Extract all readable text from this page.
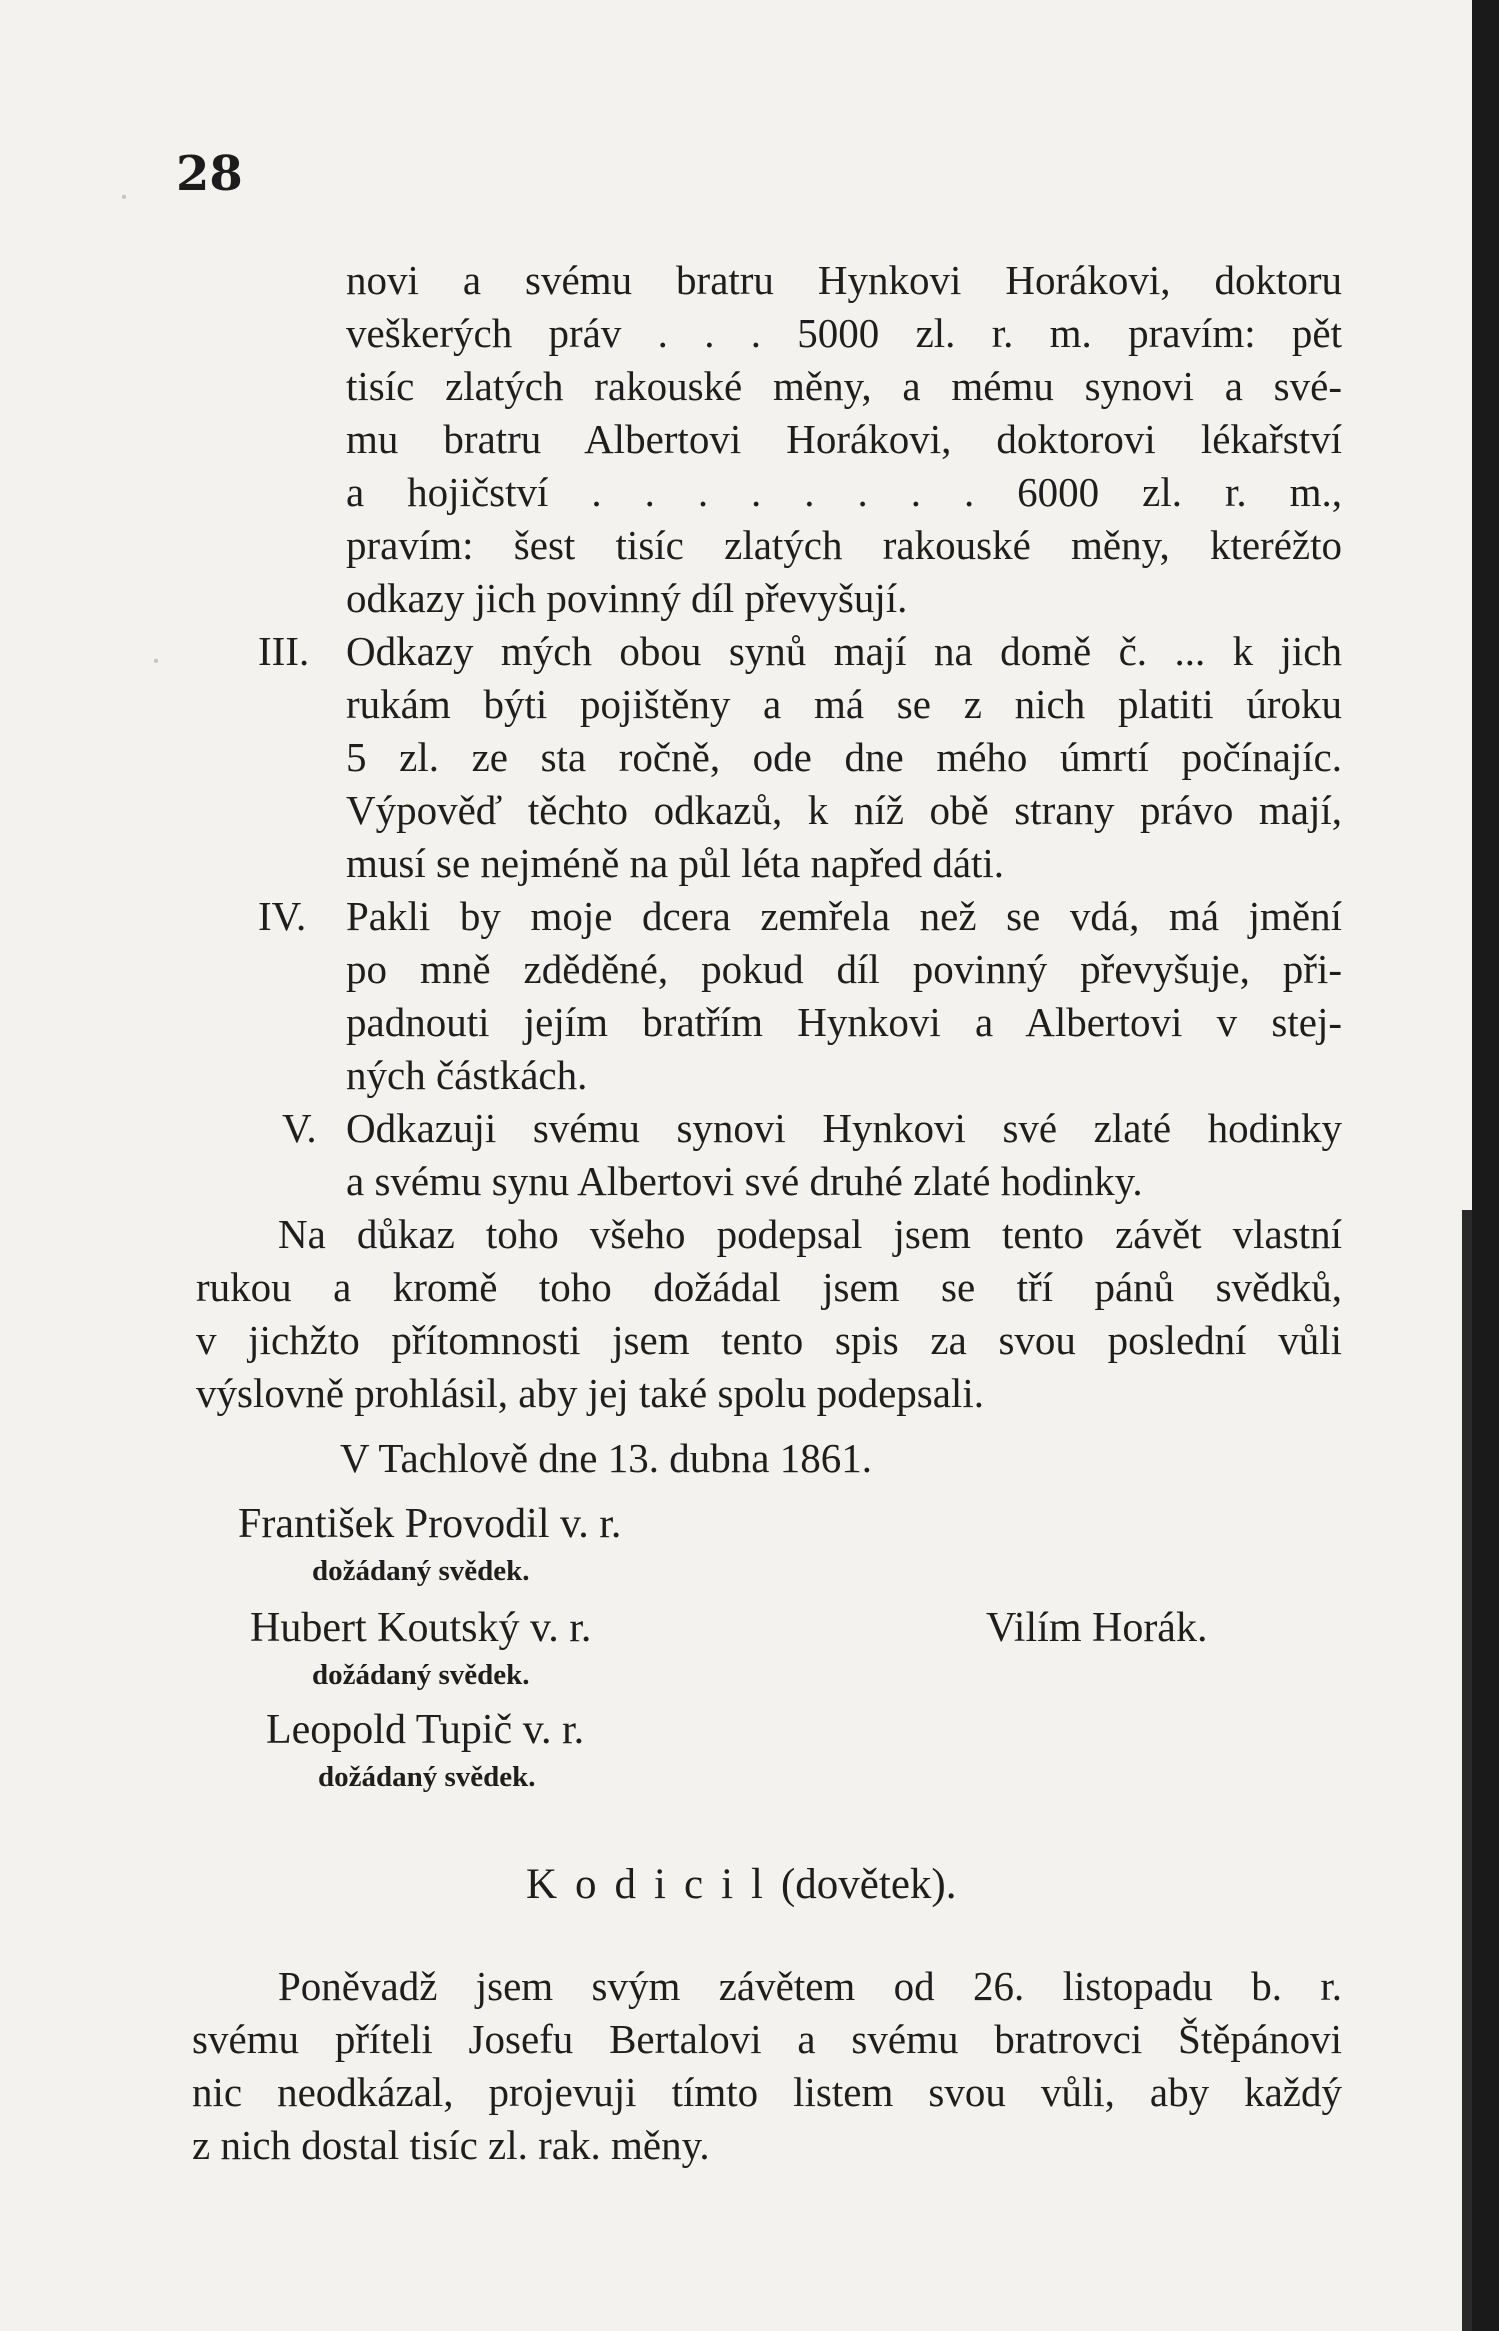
28
·
·
novi a svému bratru Hynkovi Horákovi, doktoru
veškerých práv . . . 5000 zl. r. m. pravím: pět
tisíc zlatých rakouské měny, a mému synovi a své-
mu bratru Albertovi Horákovi, doktorovi lékařství
a hojičství . . . . . . . . 6000 zl. r. m.,
pravím: šest tisíc zlatých rakouské měny, kteréžto
odkazy jich povinný díl převyšují.
III. Odkazy mých obou synů mají na domě č. ... k jich
rukám býti pojištěny a má se z nich platiti úroku
5 zl. ze sta ročně, ode dne mého úmrtí počínajíc.
Výpověď těchto odkazů, k níž obě strany právo mají,
musí se nejméně na půl léta napřed dáti.
IV. Pakli by moje dcera zemřela než se vdá, má jmění
po mně zděděné, pokud díl povinný převyšuje, při-
padnouti jejím bratřím Hynkovi a Albertovi v stej-
ných částkách.
V. Odkazuji svému synovi Hynkovi své zlaté hodinky
a svému synu Albertovi své druhé zlaté hodinky.
Na důkaz toho všeho podepsal jsem tento závět vlastní
rukou a kromě toho dožádal jsem se tří pánů svědků,
v jichžto přítomnosti jsem tento spis za svou poslední vůli
výslovně prohlásil, aby jej také spolu podepsali.
V Tachlově dne 13. dubna 1861.
František Provodil v. r.
dožádaný svědek.
Hubert Koutský v. r.
dožádaný svědek.
Vilím Horák.
Leopold Tupič v. r.
dožádaný svědek.
Kodicil(dovětek).
Poněvadž jsem svým závětem od 26. listopadu b. r.
svému příteli Josefu Bertalovi a svému bratrovci Štěpánovi
nic neodkázal, projevuji tímto listem svou vůli, aby každý
z nich dostal tisíc zl. rak. měny.
